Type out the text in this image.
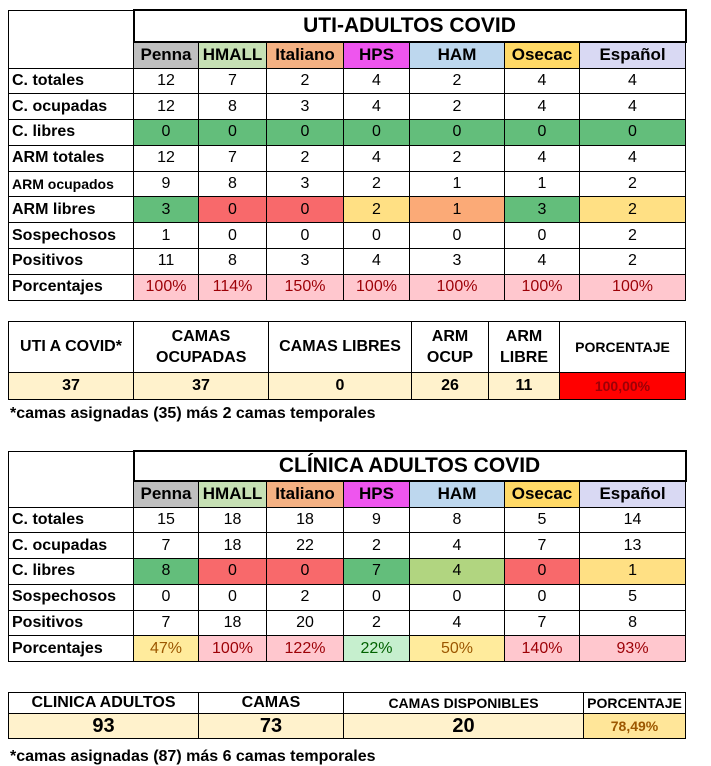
	UTI-ADULTOS COVID						
	Penna	HMALL	Italiano	HPS	HAM	Osecac	Español
C. totales	12	7	2	4	2	4	4
C. ocupadas	12	8	3	4	2	4	4
C. libres	0	0	0	0	0	0	0
ARM totales	12	7	2	4	2	4	4
ARM ocupados	9	8	3	2	1	1	2
ARM libres	3	0	0	2	1	3	2
Sospechosos	1	0	0	0	0	0	2
Positivos	11	8	3	4	3	4	2
Porcentajes	100%	114%	150%	100%	100%	100%	100%
UTI A COVID*	CAMAS OCUPADAS	CAMAS LIBRES	ARM OCUP	ARM LIBRE	PORCENTAJE
37	37	0	26	11	100,00%
*camas asignadas (35) más 2 camas temporales
	CLÍNICA ADULTOS COVID						
	Penna	HMALL	Italiano	HPS	HAM	Osecac	Español
C. totales	15	18	18	9	8	5	14
C. ocupadas	7	18	22	2	4	7	13
C. libres	8	0	0	7	4	0	1
Sospechosos	0	0	2	0	0	0	5
Positivos	7	18	20	2	4	7	8
Porcentajes	47%	100%	122%	22%	50%	140%	93%
CLINICA ADULTOS	CAMAS	CAMAS DISPONIBLES	PORCENTAJE
93	73	20	78,49%
*camas asignadas (87) más 6 camas temporales
